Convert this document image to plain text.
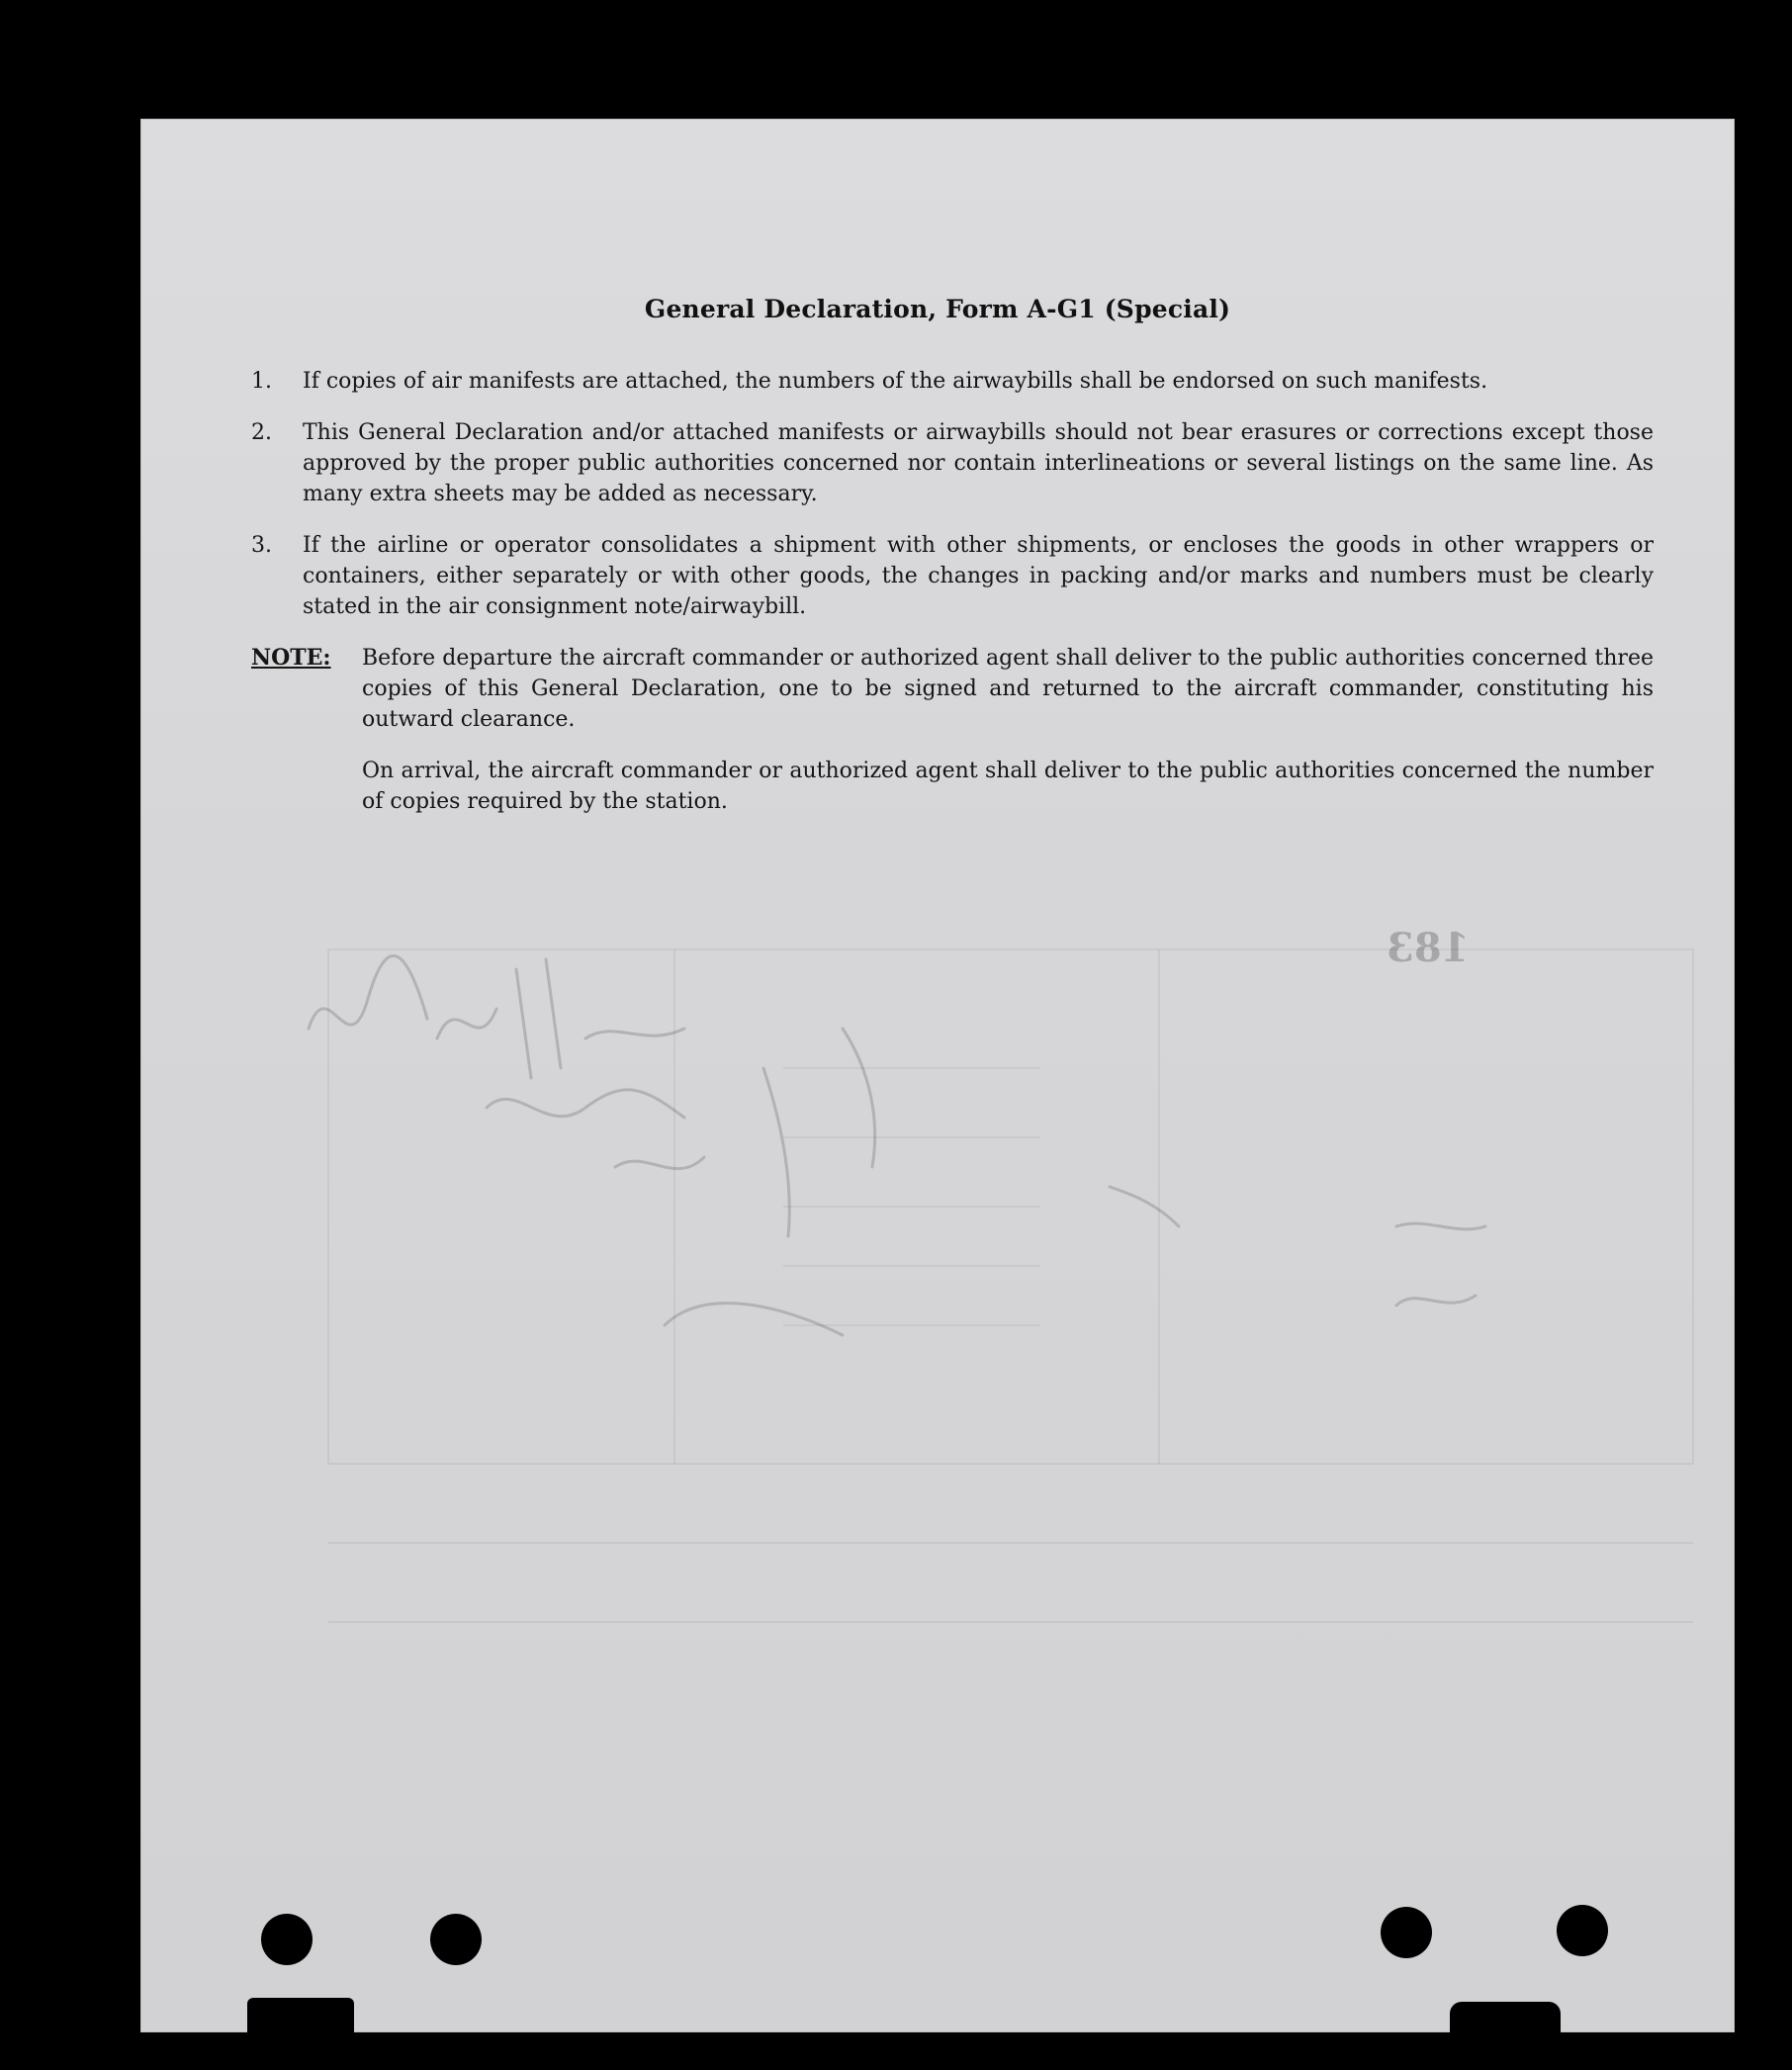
183
General Declaration, Form A-G1 (Special)
1. If copies of air manifests are attached, the numbers of the airwaybills shall be endorsed on such manifests.
2. This General Declaration and/or attached manifests or airwaybills should not bear erasures or corrections except those approved by the proper public authorities concerned nor contain interlineations or several listings on the same line. As many extra sheets may be added as necessary.
3. If the airline or operator consolidates a shipment with other shipments, or encloses the goods in other wrappers or containers, either separately or with other goods, the changes in packing and/or marks and numbers must be clearly stated in the air consignment note/airwaybill.
NOTE: Before departure the aircraft commander or authorized agent shall deliver to the public authorities concerned three copies of this General Declaration, one to be signed and returned to the aircraft commander, constituting his outward clearance.
On arrival, the aircraft commander or authorized agent shall deliver to the public authorities concerned the number of copies required by the station.
